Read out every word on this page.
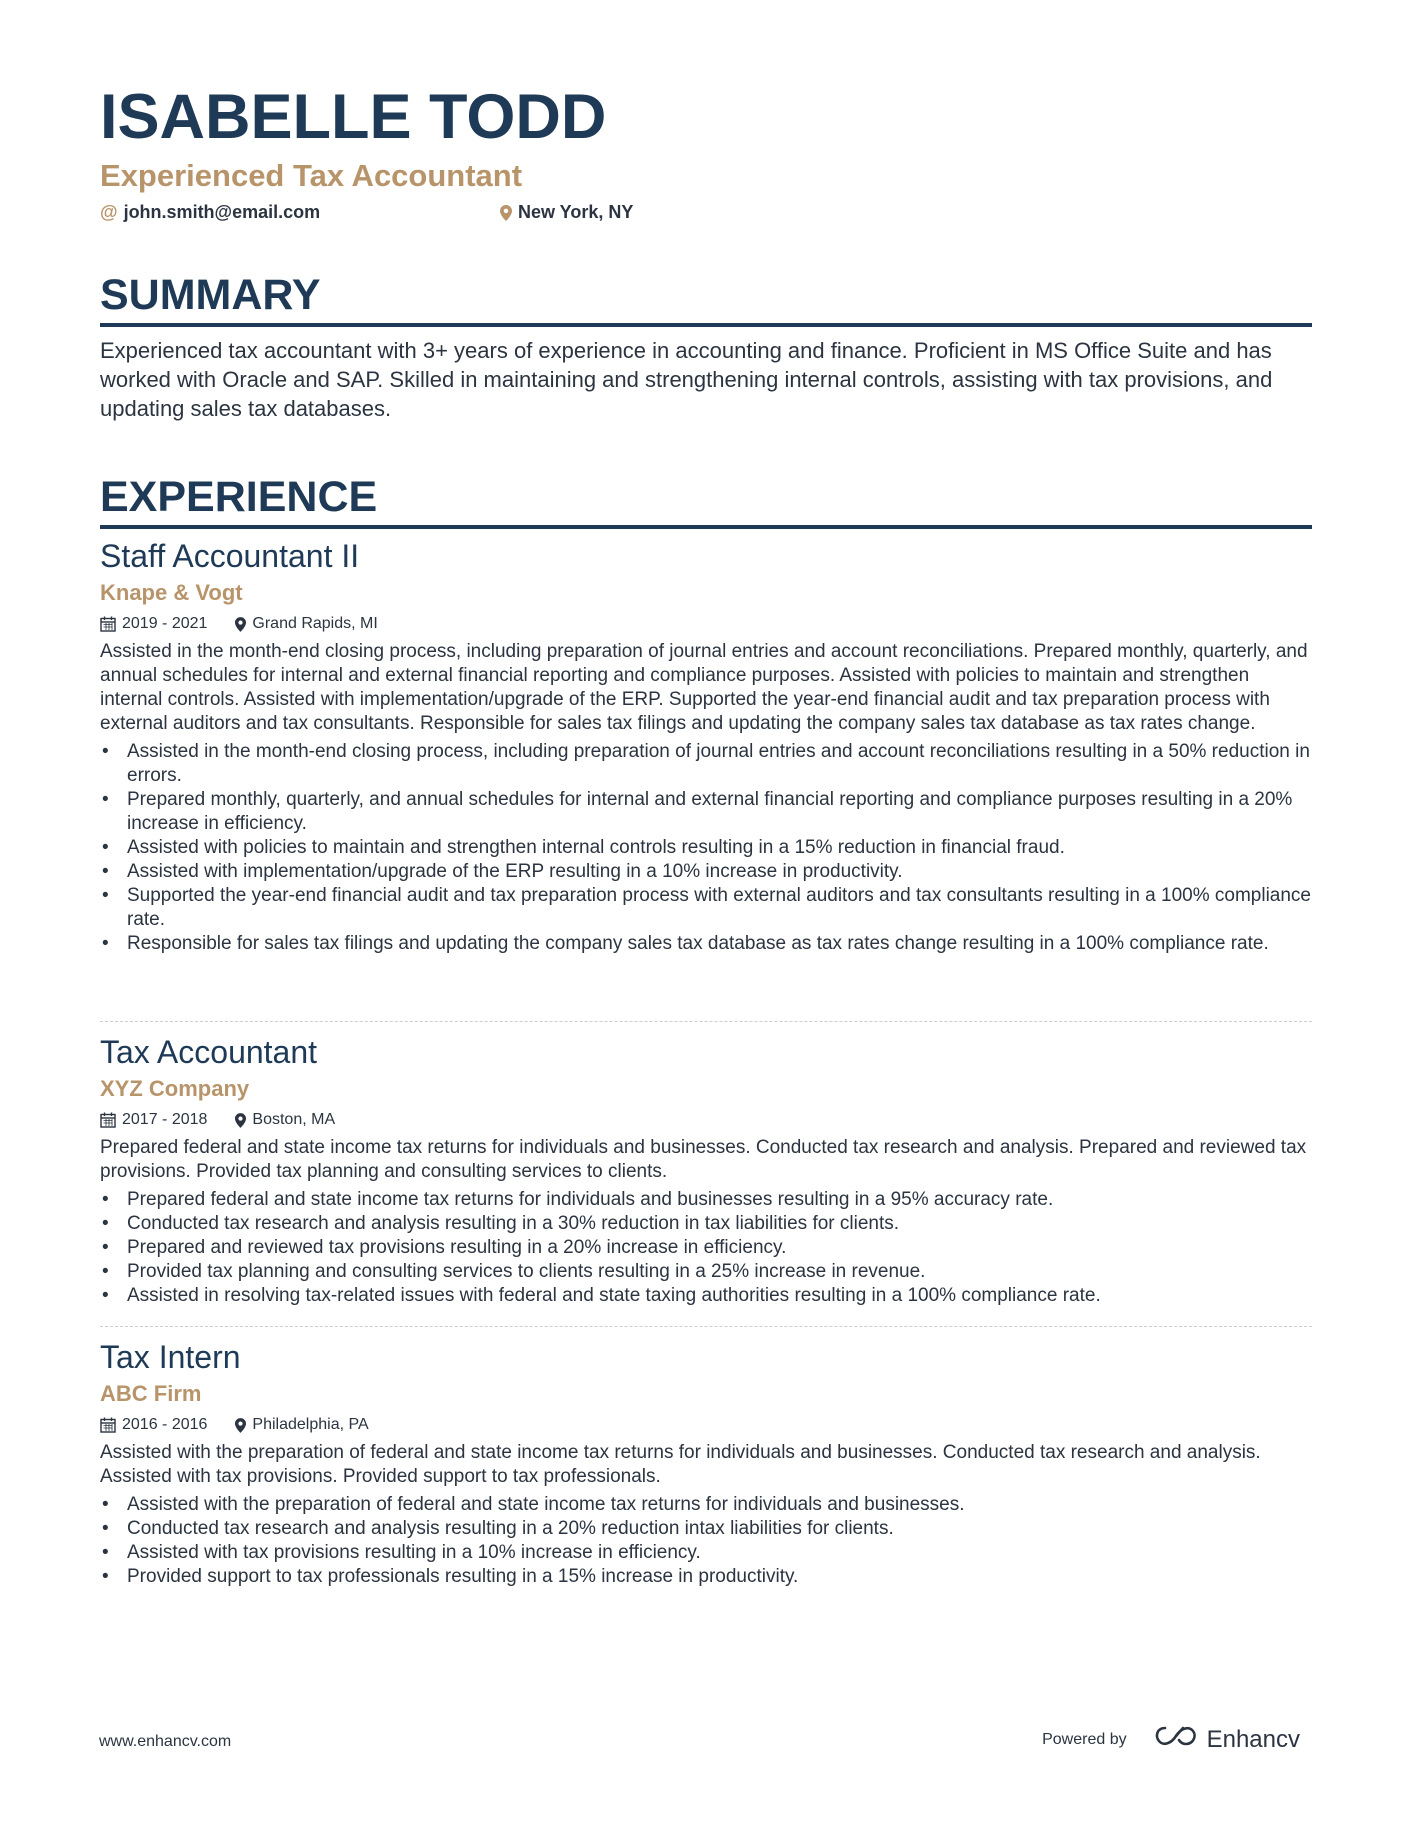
ISABELLE TODD
Experienced Tax Accountant
@ john.smith@email.com	New York, NY
SUMMARY
Experienced tax accountant with 3+ years of experience in accounting and finance. Proficient in MS Office Suite and has worked with Oracle and SAP. Skilled in maintaining and strengthening internal controls, assisting with tax provisions, and updating sales tax databases.
EXPERIENCE
Staff Accountant II
Knape & Vogt
2019 - 2021	Grand Rapids, MI
Assisted in the month-end closing process, including preparation of journal entries and account reconciliations. Prepared monthly, quarterly, and annual schedules for internal and external financial reporting and compliance purposes. Assisted with policies to maintain and strengthen internal controls. Assisted with implementation/upgrade of the ERP. Supported the year-end financial audit and tax preparation process with external auditors and tax consultants. Responsible for sales tax filings and updating the company sales tax database as tax rates change.
• Assisted in the month-end closing process, including preparation of journal entries and account reconciliations resulting in a 50% reduction in errors.
• Prepared monthly, quarterly, and annual schedules for internal and external financial reporting and compliance purposes resulting in a 20% increase in efficiency.
• Assisted with policies to maintain and strengthen internal controls resulting in a 15% reduction in financial fraud.
• Assisted with implementation/upgrade of the ERP resulting in a 10% increase in productivity.
• Supported the year-end financial audit and tax preparation process with external auditors and tax consultants resulting in a 100% compliance rate.
• Responsible for sales tax filings and updating the company sales tax database as tax rates change resulting in a 100% compliance rate.
Tax Accountant
XYZ Company
2017 - 2018	Boston, MA
Prepared federal and state income tax returns for individuals and businesses. Conducted tax research and analysis. Prepared and reviewed tax provisions. Provided tax planning and consulting services to clients.
• Prepared federal and state income tax returns for individuals and businesses resulting in a 95% accuracy rate.
• Conducted tax research and analysis resulting in a 30% reduction in tax liabilities for clients.
• Prepared and reviewed tax provisions resulting in a 20% increase in efficiency.
• Provided tax planning and consulting services to clients resulting in a 25% increase in revenue.
• Assisted in resolving tax-related issues with federal and state taxing authorities resulting in a 100% compliance rate.
Tax Intern
ABC Firm
2016 - 2016	Philadelphia, PA
Assisted with the preparation of federal and state income tax returns for individuals and businesses. Conducted tax research and analysis. Assisted with tax provisions. Provided support to tax professionals.
• Assisted with the preparation of federal and state income tax returns for individuals and businesses.
• Conducted tax research and analysis resulting in a 20% reduction intax liabilities for clients.
• Assisted with tax provisions resulting in a 10% increase in efficiency.
• Provided support to tax professionals resulting in a 15% increase in productivity.
www.enhancv.com	Powered by	Enhancv
